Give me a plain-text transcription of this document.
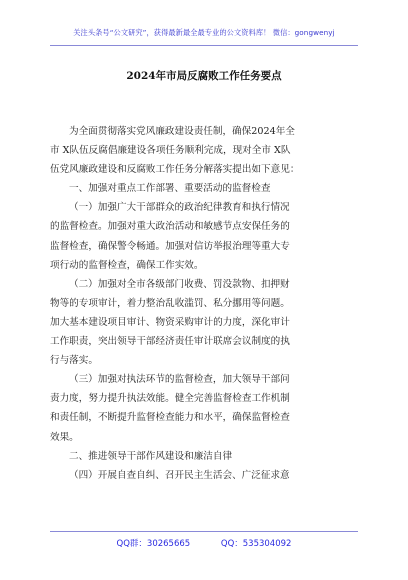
关注头条号“公文研究”，获得最新最全最专业的公文资料库！ 微信：gongwenyj
2024年市局反腐败工作任务要点
为全面贯彻落实党风廉政建设责任制，确保2024年全
市 X队伍反腐倡廉建设各项任务顺利完成，现对全市 X队
伍党风廉政建设和反腐败工作任务分解落实提出如下意见：
一、加强对重点工作部署、重要活动的监督检查
（一）加强广大干部群众的政治纪律教育和执行情况
的监督检查。加强对重大政治活动和敏感节点安保任务的
监督检查，确保警令畅通。加强对信访举报治理等重大专
项行动的监督检查，确保工作实效。
（二）加强对全市各级部门收费、罚没款物、扣押财
物等的专项审计，着力整治乱收滥罚、私分挪用等问题。
加大基本建设项目审计、物资采购审计的力度，深化审计
工作职责，突出领导干部经济责任审计联席会议制度的执
行与落实。
（三）加强对执法环节的监督检查，加大领导干部问
责力度，努力提升执法效能。健全完善监督检查工作机制
和责任制，不断提升监督检查能力和水平，确保监督检查
效果。
二、推进领导干部作风建设和廉洁自律
（四）开展自查自纠、召开民主生活会、广泛征求意
QQ群：30265665	QQ：535304092
